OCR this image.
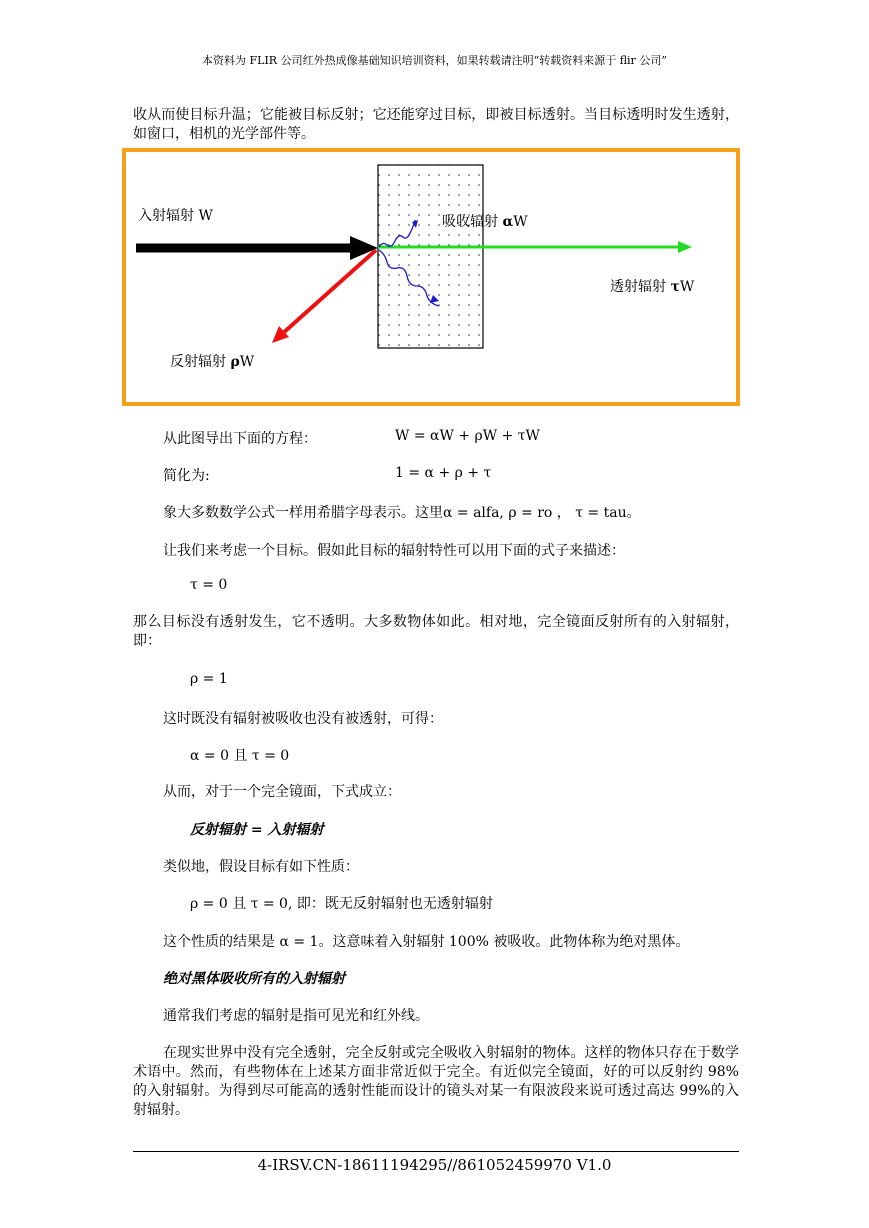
本资料为 FLIR 公司红外热成像基础知识培训资料，如果转载请注明“转载资料来源于 flir 公司”
收从而使目标升温；它能被目标反射；它还能穿过目标，即被目标透射。当目标透明时发生透射，如窗口，相机的光学部件等。
入射辐射 W	吸收辐射 αW
透射辐射 τW
反射辐射 ρW
从此图导出下面的方程：	W = αW + ρW + τW
简化为:	1 = α + ρ + τ
象大多数数学公式一样用希腊字母表示。这里α = alfa, ρ = ro ， τ = tau。
让我们来考虑一个目标。假如此目标的辐射特性可以用下面的式子来描述：
τ = 0
那么目标没有透射发生，它不透明。大多数物体如此。相对地，完全镜面反射所有的入射辐射，即：
ρ = 1
这时既没有辐射被吸收也没有被透射，可得：
α = 0 且 τ = 0
从而，对于一个完全镜面，下式成立：
反射辐射 = 入射辐射
类似地，假设目标有如下性质：
ρ = 0 且 τ = 0, 即：既无反射辐射也无透射辐射
这个性质的结果是 α = 1。这意味着入射辐射 100% 被吸收。此物体称为绝对黑体。
绝对黑体吸收所有的入射辐射
通常我们考虑的辐射是指可见光和红外线。
在现实世界中没有完全透射，完全反射或完全吸收入射辐射的物体。这样的物体只存在于数学术语中。然而，有些物体在上述某方面非常近似于完全。有近似完全镜面，好的可以反射约 98%的入射辐射。为得到尽可能高的透射性能而设计的镜头对某一有限波段来说可透过高达 99%的入射辐射。
4-IRSV.CN-18611194295//861052459970 V1.0
